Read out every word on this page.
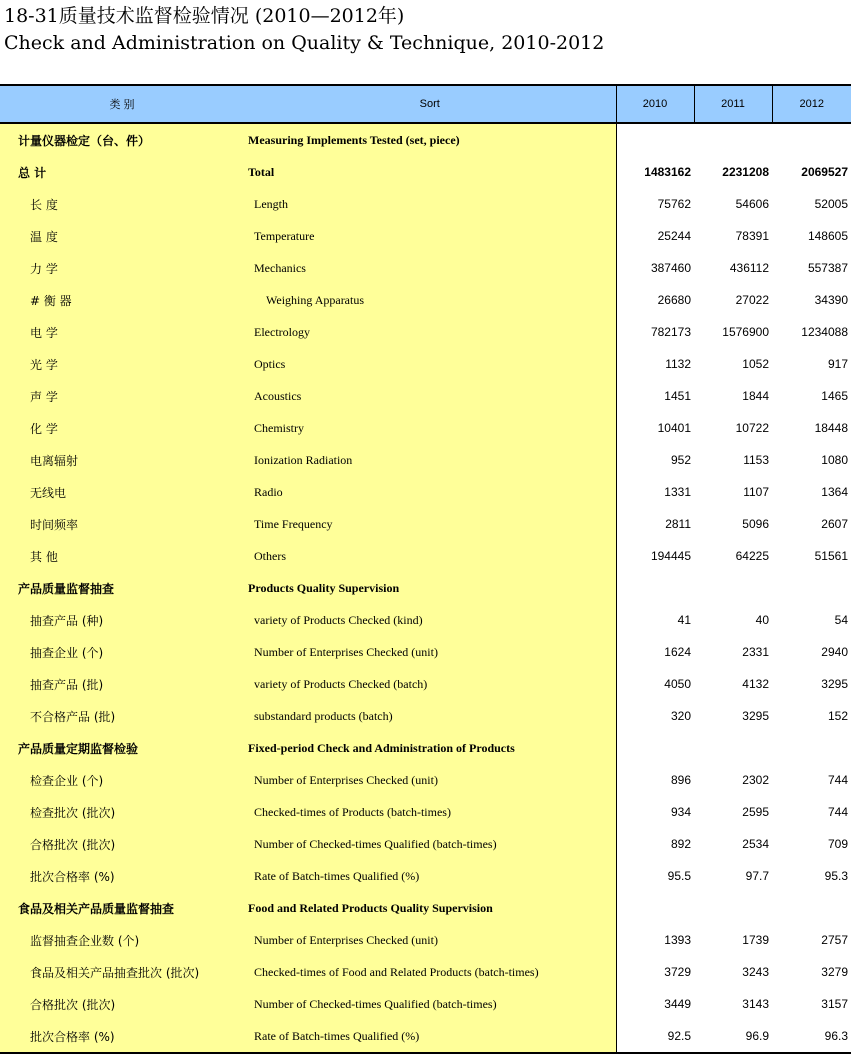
18-31质量技术监督检验情况 (2010—2012年)
Check and Administration on Quality & Technique, 2010-2012
类 别	Sort	2010	2011	2012
计量仪器检定（台、件）	Measuring Implements Tested (set, piece)			
总 计	Total	1483162	2231208	2069527
长 度	Length	75762	54606	52005
温 度	Temperature	25244	78391	148605
力 学	Mechanics	387460	436112	557387
# 衡 器	Weighing Apparatus	26680	27022	34390
电 学	Electrology	782173	1576900	1234088
光 学	Optics	1132	1052	917
声 学	Acoustics	1451	1844	1465
化 学	Chemistry	10401	10722	18448
电离辐射	Ionization Radiation	952	1153	1080
无线电	Radio	1331	1107	1364
时间频率	Time Frequency	2811	5096	2607
其 他	Others	194445	64225	51561
产品质量监督抽查	Products Quality Supervision			
抽查产品 (种)	variety of Products Checked (kind)	41	40	54
抽查企业 (个)	Number of Enterprises Checked (unit)	1624	2331	2940
抽查产品 (批)	variety of Products Checked (batch)	4050	4132	3295
不合格产品 (批)	substandard products (batch)	320	3295	152
产品质量定期监督检验	Fixed-period Check and Administration of Products			
检查企业 (个)	Number of Enterprises Checked (unit)	896	2302	744
检查批次 (批次)	Checked-times of Products (batch-times)	934	2595	744
合格批次 (批次)	Number of Checked-times Qualified (batch-times)	892	2534	709
批次合格率 (%)	Rate of Batch-times Qualified (%)	95.5	97.7	95.3
食品及相关产品质量监督抽查	Food and Related Products Quality Supervision			
监督抽查企业数 (个)	Number of Enterprises Checked (unit)	1393	1739	2757
食品及相关产品抽查批次 (批次)	Checked-times of Food and Related Products (batch-times)	3729	3243	3279
合格批次 (批次)	Number of Checked-times Qualified (batch-times)	3449	3143	3157
批次合格率 (%)	Rate of Batch-times Qualified (%)	92.5	96.9	96.3
